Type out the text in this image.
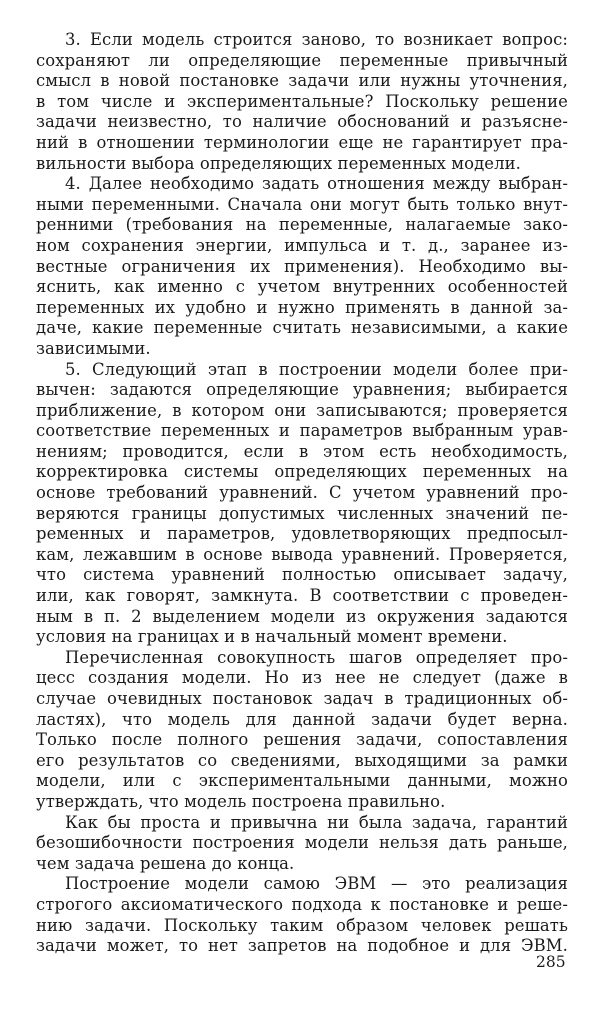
3. Если модель строится заново, то возникает вопрос:
сохраняют ли определяющие переменные привычный
смысл в новой постановке задачи или нужны уточнения,
в том числе и экспериментальные? Поскольку решение
задачи неизвестно, то наличие обоснований и разъясне-
ний в отношении терминологии еще не гарантирует пра-
вильности выбора определяющих переменных модели.

4. Далее необходимо задать отношения между выбран-
ными переменными. Сначала они могут быть только внут-
ренними (требования на переменные, налагаемые зако-
ном сохранения энергии, импульса и т. д., заранее из-
вестные ограничения их применения). Необходимо вы-
яснить, как именно с учетом внутренних особенностей
переменных их удобно и нужно применять в данной за-
даче, какие переменные считать независимыми, а какие
зависимыми.

5. Следующий этап в построении модели более при-
вычен: задаются определяющие уравнения; выбирается
приближение, в котором они записываются; проверяется
соответствие переменных и параметров выбранным урав-
нениям; проводится, если в этом есть необходимость,
корректировка системы определяющих переменных на
основе требований уравнений. С учетом уравнений про-
веряются границы допустимых численных значений пе-
ременных и параметров, удовлетворяющих предпосыл-
кам, лежавшим в основе вывода уравнений. Проверяется,
что система уравнений полностью описывает задачу,
или, как говорят, замкнута. В соответствии с проведен-
ным в п. 2 выделением модели из окружения задаются
условия на границах и в начальный момент времени.

Перечисленная совокупность шагов определяет про-
цесс создания модели. Но из нее не следует (даже в
случае очевидных постановок задач в традиционных об-
ластях), что модель для данной задачи будет верна.
Только после полного решения задачи, сопоставления
его результатов со сведениями, выходящими за рамки
модели, или с экспериментальными данными, можно
утверждать, что модель построена правильно.

Как бы проста и привычна ни была задача, гарантий
безошибочности построения модели нельзя дать раньше,
чем задача решена до конца.

Построение модели самою ЭВМ — это реализация
строгого аксиоматического подхода к постановке и реше-
нию задачи. Поскольку таким образом человек решать
задачи может, то нет запретов на подобное и для ЭВМ.

285
